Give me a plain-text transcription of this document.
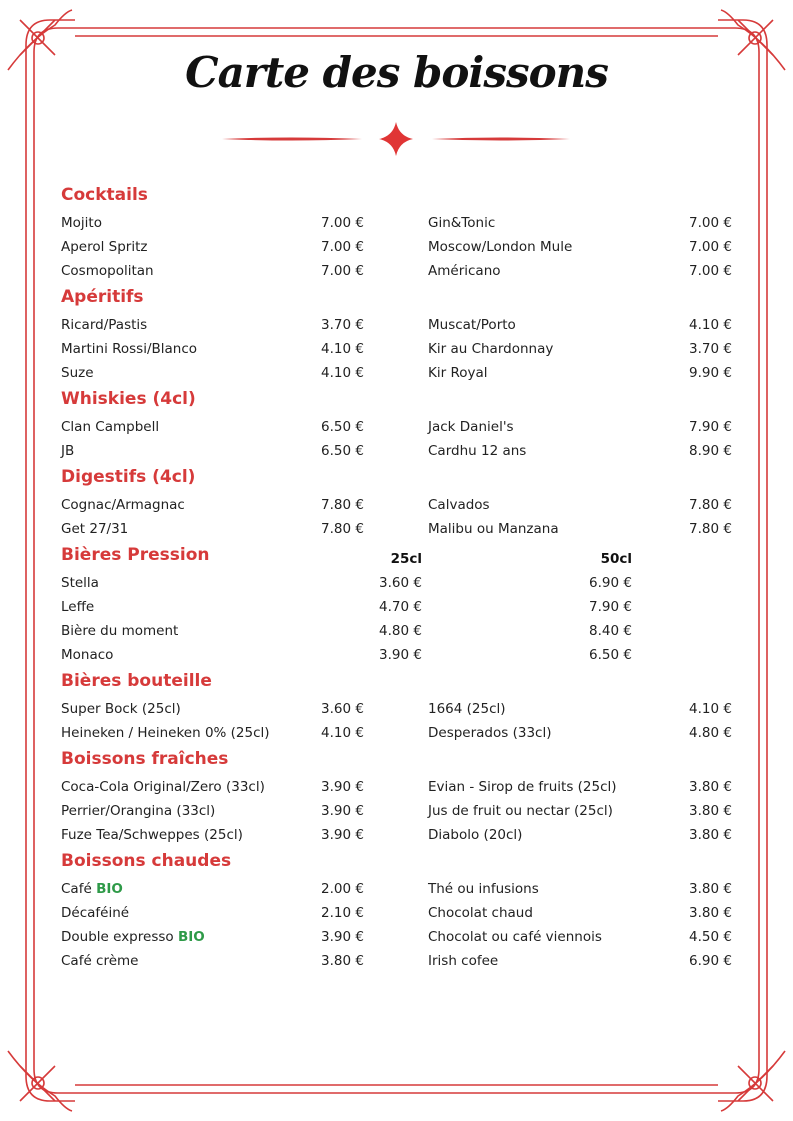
Carte des boissons
Cocktails
Mojito	7.00 €	Gin&Tonic	7.00 €
Aperol Spritz	7.00 €	Moscow/London Mule	7.00 €
Cosmopolitan	7.00 €	Américano	7.00 €
Apéritifs
Ricard/Pastis	3.70 €	Muscat/Porto	4.10 €
Martini Rossi/Blanco	4.10 €	Kir au Chardonnay	3.70 €
Suze	4.10 €	Kir Royal	9.90 €
Whiskies (4cl)
Clan Campbell	6.50 €	Jack Daniel's	7.90 €
JB	6.50 €	Cardhu 12 ans	8.90 €
Digestifs (4cl)
Cognac/Armagnac	7.80 €	Calvados	7.80 €
Get 27/31	7.80 €	Malibu ou Manzana	7.80 €
Bières Pression	25cl	50cl
Stella	3.60 €	6.90 €
Leffe	4.70 €	7.90 €
Bière du moment	4.80 €	8.40 €
Monaco	3.90 €	6.50 €
Bières bouteille
Super Bock (25cl)	3.60 €	1664 (25cl)	4.10 €
Heineken / Heineken 0% (25cl)	4.10 €	Desperados (33cl)	4.80 €
Boissons fraîches
Coca-Cola Original/Zero (33cl)	3.90 €	Evian - Sirop de fruits (25cl)	3.80 €
Perrier/Orangina (33cl)	3.90 €	Jus de fruit ou nectar (25cl)	3.80 €
Fuze Tea/Schweppes (25cl)	3.90 €	Diabolo (20cl)	3.80 €
Boissons chaudes
Café BIO	2.00 €	Thé ou infusions	3.80 €
Décaféiné	2.10 €	Chocolat chaud	3.80 €
Double expresso BIO	3.90 €	Chocolat ou café viennois	4.50 €
Café crème	3.80 €	Irish cofee	6.90 €
